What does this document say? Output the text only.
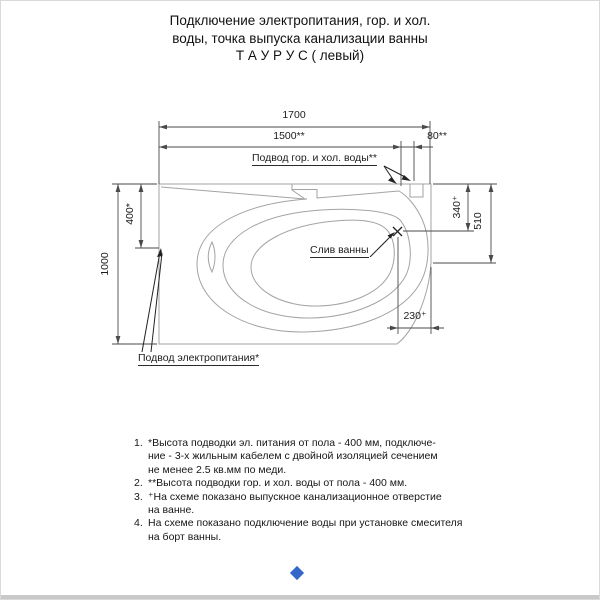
Подключение электропитания, гор. и хол.
воды, точка выпуска канализации ванны
Т А У Р У С ( левый)
1700
1500**	80**
1000
400*	340⁺
510
230⁺
Подвод гор. и хол. воды**
Слив ванны
Подвод электропитания*
1. *Высота подводки эл. питания от пола - 400 мм, подключе-
ние - 3-х жильным кабелем с двойной изоляцией сечением
не менее 2.5 кв.мм по меди.
2. **Высота подводки гор. и хол. воды от пола - 400 мм.
3. ⁺На схеме показано выпускное канализационное отверстие
на ванне.
4. На схеме показано подключение воды при установке смесителя
на борт ванны.
